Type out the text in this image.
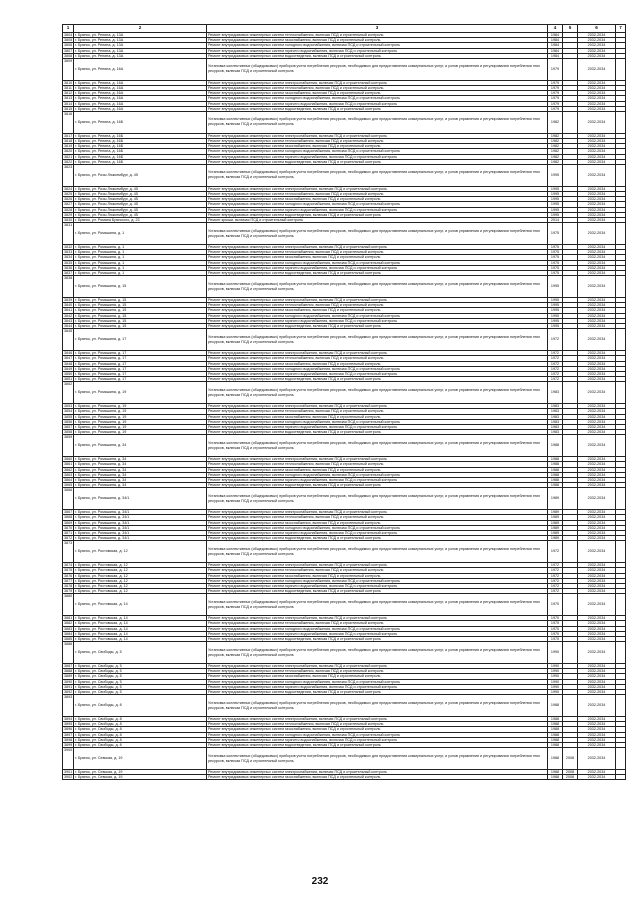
1	2	3	4	5	6	7
3804	г. Брянск, ул. Репина, д. 13А	Ремонт внутридомовых инженерных систем теплоснабжения, включая ПСД и строительный контроль	1984		2032-2034	
3805	г. Брянск, ул. Репина, д. 13А	Ремонт внутридомовых инженерных систем газоснабжения, включая ПСД и строительный контроль	1984		2032-2034	
3806	г. Брянск, ул. Репина, д. 13А	Ремонт внутридомовых инженерных систем холодного водоснабжения, включая ПСД и строительный контроль	1984		2032-2034	
3807	г. Брянск, ул. Репина, д. 13А	Ремонт внутридомовых инженерных систем горячего водоснабжения, включая ПСД и строительный контроль	1984		2032-2034	
3808	г. Брянск, ул. Репина, д. 13А	Ремонт внутридомовых инженерных систем водоотведения, включая ПСД и строительный контроль	1984		2032-2034	
3809	г. Брянск, ул. Репина, д. 16А	Установка коллективных (общедомовых) приборов учета потребления ресурсов, необходимых для предоставления коммунальных услуг, и узлов управления и регулирования потребления этих ресурсов, включая ПСД и строительный контроль	1979		2032-2034	
3810	г. Брянск, ул. Репина, д. 16А	Ремонт внутридомовых инженерных систем электроснабжения, включая ПСД и строительный контроль	1979		2032-2034	
3811	г. Брянск, ул. Репина, д. 16А	Ремонт внутридомовых инженерных систем теплоснабжения, включая ПСД и строительный контроль	1979		2032-2034	
3812	г. Брянск, ул. Репина, д. 16А	Ремонт внутридомовых инженерных систем газоснабжения, включая ПСД и строительный контроль	1979		2032-2034	
3813	г. Брянск, ул. Репина, д. 16А	Ремонт внутридомовых инженерных систем холодного водоснабжения, включая ПСД и строительный контроль	1979		2032-2034	
3814	г. Брянск, ул. Репина, д. 16А	Ремонт внутридомовых инженерных систем горячего водоснабжения, включая ПСД и строительный контроль	1979		2032-2034	
3815	г. Брянск, ул. Репина, д. 16А	Ремонт внутридомовых инженерных систем водоотведения, включая ПСД и строительный контроль	1979		2032-2034	
3816	г. Брянск, ул. Репина, д. 16Б	Установка коллективных (общедомовых) приборов учета потребления ресурсов, необходимых для предоставления коммунальных услуг, и узлов управления и регулирования потребления этих ресурсов, включая ПСД и строительный контроль	1982		2032-2034	
3817	г. Брянск, ул. Репина, д. 16Б	Ремонт внутридомовых инженерных систем электроснабжения, включая ПСД и строительный контроль	1982		2032-2034	
3818	г. Брянск, ул. Репина, д. 16Б	Ремонт внутридомовых инженерных систем теплоснабжения, включая ПСД и строительный контроль	1982		2032-2034	
3819	г. Брянск, ул. Репина, д. 16Б	Ремонт внутридомовых инженерных систем газоснабжения, включая ПСД и строительный контроль	1982		2032-2034	
3820	г. Брянск, ул. Репина, д. 16Б	Ремонт внутридомовых инженерных систем холодного водоснабжения, включая ПСД и строительный контроль	1982		2032-2034	
3821	г. Брянск, ул. Репина, д. 16Б	Ремонт внутридомовых инженерных систем горячего водоснабжения, включая ПСД и строительный контроль	1982		2032-2034	
3822	г. Брянск, ул. Репина, д. 16Б	Ремонт внутридомовых инженерных систем водоотведения, включая ПСД и строительный контроль	1982		2032-2034	
3823	г. Брянск, ул. Розы Люксембург, д. 45	Установка коллективных (общедомовых) приборов учета потребления ресурсов, необходимых для предоставления коммунальных услуг, и узлов управления и регулирования потребления этих ресурсов, включая ПСД и строительный контроль	1995		2032-2034	
3824	г. Брянск, ул. Розы Люксембург, д. 45	Ремонт внутридомовых инженерных систем электроснабжения, включая ПСД и строительный контроль	1995		2032-2034	
3825	г. Брянск, ул. Розы Люксембург, д. 45	Ремонт внутридомовых инженерных систем теплоснабжения, включая ПСД и строительный контроль	1995		2032-2034	
3826	г. Брянск, ул. Розы Люксембург, д. 45	Ремонт внутридомовых инженерных систем газоснабжения, включая ПСД и строительный контроль	1995		2032-2034	
3827	г. Брянск, ул. Розы Люксембург, д. 45	Ремонт внутридомовых инженерных систем холодного водоснабжения, включая ПСД и строительный контроль	1995		2032-2034	
3828	г. Брянск, ул. Розы Люксембург, д. 45	Ремонт внутридомовых инженерных систем горячего водоснабжения, включая ПСД и строительный контроль	1995		2032-2034	
3829	г. Брянск, ул. Розы Люксембург, д. 45	Ремонт внутридомовых инженерных систем водоотведения, включая ПСД и строительный контроль	1995		2032-2034	
3830	г. Брянск, ул. Романа Брянского, д. 23	Ремонт крыши, включая ПСД и строительный контроль	2014		2032-2034	
3831	г. Брянск, ул. Ромашина, д. 1	Установка коллективных (общедомовых) приборов учета потребления ресурсов, необходимых для предоставления коммунальных услуг, и узлов управления и регулирования потребления этих ресурсов, включая ПСД и строительный контроль	1975		2032-2034	
3832	г. Брянск, ул. Ромашина, д. 1	Ремонт внутридомовых инженерных систем электроснабжения, включая ПСД и строительный контроль	1975		2032-2034	
3833	г. Брянск, ул. Ромашина, д. 1	Ремонт внутридомовых инженерных систем теплоснабжения, включая ПСД и строительный контроль	1975		2032-2034	
3834	г. Брянск, ул. Ромашина, д. 1	Ремонт внутридомовых инженерных систем газоснабжения, включая ПСД и строительный контроль	1975		2032-2034	
3835	г. Брянск, ул. Ромашина, д. 1	Ремонт внутридомовых инженерных систем холодного водоснабжения, включая ПСД и строительный контроль	1975		2032-2034	
3836	г. Брянск, ул. Ромашина, д. 1	Ремонт внутридомовых инженерных систем горячего водоснабжения, включая ПСД и строительный контроль	1975		2032-2034	
3837	г. Брянск, ул. Ромашина, д. 1	Ремонт внутридомовых инженерных систем водоотведения, включая ПСД и строительный контроль	1975		2032-2034	
3838	г. Брянск, ул. Ромашина, д. 15	Установка коллективных (общедомовых) приборов учета потребления ресурсов, необходимых для предоставления коммунальных услуг, и узлов управления и регулирования потребления этих ресурсов, включая ПСД и строительный контроль	1995		2032-2034	
3839	г. Брянск, ул. Ромашина, д. 15	Ремонт внутридомовых инженерных систем электроснабжения, включая ПСД и строительный контроль	1995		2032-2034	
3840	г. Брянск, ул. Ромашина, д. 15	Ремонт внутридомовых инженерных систем теплоснабжения, включая ПСД и строительный контроль	1995		2032-2034	
3841	г. Брянск, ул. Ромашина, д. 15	Ремонт внутридомовых инженерных систем газоснабжения, включая ПСД и строительный контроль	1995		2032-2034	
3842	г. Брянск, ул. Ромашина, д. 15	Ремонт внутридомовых инженерных систем холодного водоснабжения, включая ПСД и строительный контроль	1995		2032-2034	
3843	г. Брянск, ул. Ромашина, д. 15	Ремонт внутридомовых инженерных систем горячего водоснабжения, включая ПСД и строительный контроль	1995		2032-2034	
3844	г. Брянск, ул. Ромашина, д. 15	Ремонт внутридомовых инженерных систем водоотведения, включая ПСД и строительный контроль	1995		2032-2034	
3845	г. Брянск, ул. Ромашина, д. 17	Установка коллективных (общедомовых) приборов учета потребления ресурсов, необходимых для предоставления коммунальных услуг, и узлов управления и регулирования потребления этих ресурсов, включая ПСД и строительный контроль	1972		2032-2034	
3846	г. Брянск, ул. Ромашина, д. 17	Ремонт внутридомовых инженерных систем электроснабжения, включая ПСД и строительный контроль	1972		2032-2034	
3847	г. Брянск, ул. Ромашина, д. 17	Ремонт внутридомовых инженерных систем теплоснабжения, включая ПСД и строительный контроль	1972		2032-2034	
3848	г. Брянск, ул. Ромашина, д. 17	Ремонт внутридомовых инженерных систем газоснабжения, включая ПСД и строительный контроль	1972		2032-2034	
3849	г. Брянск, ул. Ромашина, д. 17	Ремонт внутридомовых инженерных систем холодного водоснабжения, включая ПСД и строительный контроль	1972		2032-2034	
3850	г. Брянск, ул. Ромашина, д. 17	Ремонт внутридомовых инженерных систем горячего водоснабжения, включая ПСД и строительный контроль	1972		2032-2034	
3851	г. Брянск, ул. Ромашина, д. 17	Ремонт внутридомовых инженерных систем водоотведения, включая ПСД и строительный контроль	1972		2032-2034	
3852	г. Брянск, ул. Ромашина, д. 19	Установка коллективных (общедомовых) приборов учета потребления ресурсов, необходимых для предоставления коммунальных услуг, и узлов управления и регулирования потребления этих ресурсов, включая ПСД и строительный контроль	1983		2032-2034	
3853	г. Брянск, ул. Ромашина, д. 19	Ремонт внутридомовых инженерных систем электроснабжения, включая ПСД и строительный контроль	1983		2032-2034	
3854	г. Брянск, ул. Ромашина, д. 19	Ремонт внутридомовых инженерных систем теплоснабжения, включая ПСД и строительный контроль	1983		2032-2034	
3855	г. Брянск, ул. Ромашина, д. 19	Ремонт внутридомовых инженерных систем газоснабжения, включая ПСД и строительный контроль	1983		2032-2034	
3856	г. Брянск, ул. Ромашина, д. 19	Ремонт внутридомовых инженерных систем холодного водоснабжения, включая ПСД и строительный контроль	1983		2032-2034	
3857	г. Брянск, ул. Ромашина, д. 19	Ремонт внутридомовых инженерных систем горячего водоснабжения, включая ПСД и строительный контроль	1983		2032-2034	
3858	г. Брянск, ул. Ромашина, д. 19	Ремонт внутридомовых инженерных систем водоотведения, включая ПСД и строительный контроль	1983		2032-2034	
3859	г. Брянск, ул. Ромашина, д. 34	Установка коллективных (общедомовых) приборов учета потребления ресурсов, необходимых для предоставления коммунальных услуг, и узлов управления и регулирования потребления этих ресурсов, включая ПСД и строительный контроль	1988		2032-2034	
3860	г. Брянск, ул. Ромашина, д. 34	Ремонт внутридомовых инженерных систем электроснабжения, включая ПСД и строительный контроль	1988		2032-2034	
3861	г. Брянск, ул. Ромашина, д. 34	Ремонт внутридомовых инженерных систем теплоснабжения, включая ПСД и строительный контроль	1988		2032-2034	
3862	г. Брянск, ул. Ромашина, д. 34	Ремонт внутридомовых инженерных систем газоснабжения, включая ПСД и строительный контроль	1988		2032-2034	
3863	г. Брянск, ул. Ромашина, д. 34	Ремонт внутридомовых инженерных систем холодного водоснабжения, включая ПСД и строительный контроль	1988		2032-2034	
3864	г. Брянск, ул. Ромашина, д. 34	Ремонт внутридомовых инженерных систем горячего водоснабжения, включая ПСД и строительный контроль	1988		2032-2034	
3865	г. Брянск, ул. Ромашина, д. 34	Ремонт внутридомовых инженерных систем водоотведения, включая ПСД и строительный контроль	1988		2032-2034	
3866	г. Брянск, ул. Ромашина, д. 34/1	Установка коллективных (общедомовых) приборов учета потребления ресурсов, необходимых для предоставления коммунальных услуг, и узлов управления и регулирования потребления этих ресурсов, включая ПСД и строительный контроль	1989		2032-2034	
3867	г. Брянск, ул. Ромашина, д. 34/1	Ремонт внутридомовых инженерных систем электроснабжения, включая ПСД и строительный контроль	1989		2032-2034	
3868	г. Брянск, ул. Ромашина, д. 34/1	Ремонт внутридомовых инженерных систем теплоснабжения, включая ПСД и строительный контроль	1989		2032-2034	
3869	г. Брянск, ул. Ромашина, д. 34/1	Ремонт внутридомовых инженерных систем газоснабжения, включая ПСД и строительный контроль	1989		2032-2034	
3870	г. Брянск, ул. Ромашина, д. 34/1	Ремонт внутридомовых инженерных систем холодного водоснабжения, включая ПСД и строительный контроль	1989		2032-2034	
3871	г. Брянск, ул. Ромашина, д. 34/1	Ремонт внутридомовых инженерных систем горячего водоснабжения, включая ПСД и строительный контроль	1989		2032-2034	
3872	г. Брянск, ул. Ромашина, д. 34/1	Ремонт внутридомовых инженерных систем водоотведения, включая ПСД и строительный контроль	1989		2032-2034	
3873	г. Брянск, ул. Ростовская, д. 12	Установка коллективных (общедомовых) приборов учета потребления ресурсов, необходимых для предоставления коммунальных услуг, и узлов управления и регулирования потребления этих ресурсов, включая ПСД и строительный контроль	1972		2032-2034	
3874	г. Брянск, ул. Ростовская, д. 12	Ремонт внутридомовых инженерных систем электроснабжения, включая ПСД и строительный контроль	1972		2032-2034	
3875	г. Брянск, ул. Ростовская, д. 12	Ремонт внутридомовых инженерных систем теплоснабжения, включая ПСД и строительный контроль	1972		2032-2034	
3876	г. Брянск, ул. Ростовская, д. 12	Ремонт внутридомовых инженерных систем газоснабжения, включая ПСД и строительный контроль	1972		2032-2034	
3877	г. Брянск, ул. Ростовская, д. 12	Ремонт внутридомовых инженерных систем холодного водоснабжения, включая ПСД и строительный контроль	1972		2032-2034	
3878	г. Брянск, ул. Ростовская, д. 12	Ремонт внутридомовых инженерных систем горячего водоснабжения, включая ПСД и строительный контроль	1972		2032-2034	
3879	г. Брянск, ул. Ростовская, д. 12	Ремонт внутридомовых инженерных систем водоотведения, включая ПСД и строительный контроль	1972		2032-2034	
3880	г. Брянск, ул. Ростовская, д. 14	Установка коллективных (общедомовых) приборов учета потребления ресурсов, необходимых для предоставления коммунальных услуг, и узлов управления и регулирования потребления этих ресурсов, включая ПСД и строительный контроль	1970		2032-2034	
3881	г. Брянск, ул. Ростовская, д. 14	Ремонт внутридомовых инженерных систем электроснабжения, включая ПСД и строительный контроль	1970		2032-2034	
3882	г. Брянск, ул. Ростовская, д. 14	Ремонт внутридомовых инженерных систем теплоснабжения, включая ПСД и строительный контроль	1970		2032-2034	
3883	г. Брянск, ул. Ростовская, д. 14	Ремонт внутридомовых инженерных систем холодного водоснабжения, включая ПСД и строительный контроль	1970		2032-2034	
3884	г. Брянск, ул. Ростовская, д. 14	Ремонт внутридомовых инженерных систем горячего водоснабжения, включая ПСД и строительный контроль	1970		2032-2034	
3885	г. Брянск, ул. Ростовская, д. 14	Ремонт внутридомовых инженерных систем водоотведения, включая ПСД и строительный контроль	1970		2032-2034	
3886	г. Брянск, ул. Свободы, д. 5	Установка коллективных (общедомовых) приборов учета потребления ресурсов, необходимых для предоставления коммунальных услуг, и узлов управления и регулирования потребления этих ресурсов, включая ПСД и строительный контроль	1990		2032-2034	
3887	г. Брянск, ул. Свободы, д. 5	Ремонт внутридомовых инженерных систем электроснабжения, включая ПСД и строительный контроль	1990		2032-2034	
3888	г. Брянск, ул. Свободы, д. 5	Ремонт внутридомовых инженерных систем теплоснабжения, включая ПСД и строительный контроль	1990		2032-2034	
3889	г. Брянск, ул. Свободы, д. 5	Ремонт внутридомовых инженерных систем газоснабжения, включая ПСД и строительный контроль	1990		2032-2034	
3890	г. Брянск, ул. Свободы, д. 5	Ремонт внутридомовых инженерных систем холодного водоснабжения, включая ПСД и строительный контроль	1990		2032-2034	
3891	г. Брянск, ул. Свободы, д. 5	Ремонт внутридомовых инженерных систем горячего водоснабжения, включая ПСД и строительный контроль	1990		2032-2034	
3892	г. Брянск, ул. Свободы, д. 5	Ремонт внутридомовых инженерных систем водоотведения, включая ПСД и строительный контроль	1990		2032-2034	
3893	г. Брянск, ул. Свободы, д. 8	Установка коллективных (общедомовых) приборов учета потребления ресурсов, необходимых для предоставления коммунальных услуг, и узлов управления и регулирования потребления этих ресурсов, включая ПСД и строительный контроль	1988		2032-2034	
3894	г. Брянск, ул. Свободы, д. 8	Ремонт внутридомовых инженерных систем электроснабжения, включая ПСД и строительный контроль	1988		2032-2034	
3895	г. Брянск, ул. Свободы, д. 8	Ремонт внутридомовых инженерных систем теплоснабжения, включая ПСД и строительный контроль	1988		2032-2034	
3896	г. Брянск, ул. Свободы, д. 8	Ремонт внутридомовых инженерных систем газоснабжения, включая ПСД и строительный контроль	1988		2032-2034	
3897	г. Брянск, ул. Свободы, д. 8	Ремонт внутридомовых инженерных систем холодного водоснабжения, включая ПСД и строительный контроль	1988		2032-2034	
3898	г. Брянск, ул. Свободы, д. 8	Ремонт внутридомовых инженерных систем горячего водоснабжения, включая ПСД и строительный контроль	1988		2032-2034	
3899	г. Брянск, ул. Свободы, д. 8	Ремонт внутридомовых инженерных систем водоотведения, включая ПСД и строительный контроль	1988		2032-2034	
3900	г. Брянск, ул. Севская, д. 19	Установка коллективных (общедомовых) приборов учета потребления ресурсов, необходимых для предоставления коммунальных услуг, и узлов управления и регулирования потребления этих ресурсов, включая ПСД и строительный контроль	1988	2008	2032-2034	
3901	г. Брянск, ул. Севская, д. 19	Ремонт внутридомовых инженерных систем электроснабжения, включая ПСД и строительный контроль	1988	2008	2032-2034	
3902	г. Брянск, ул. Севская, д. 19	Ремонт внутридомовых инженерных систем газоснабжения, включая ПСД и строительный контроль	1988	2008	2032-2034	
232
